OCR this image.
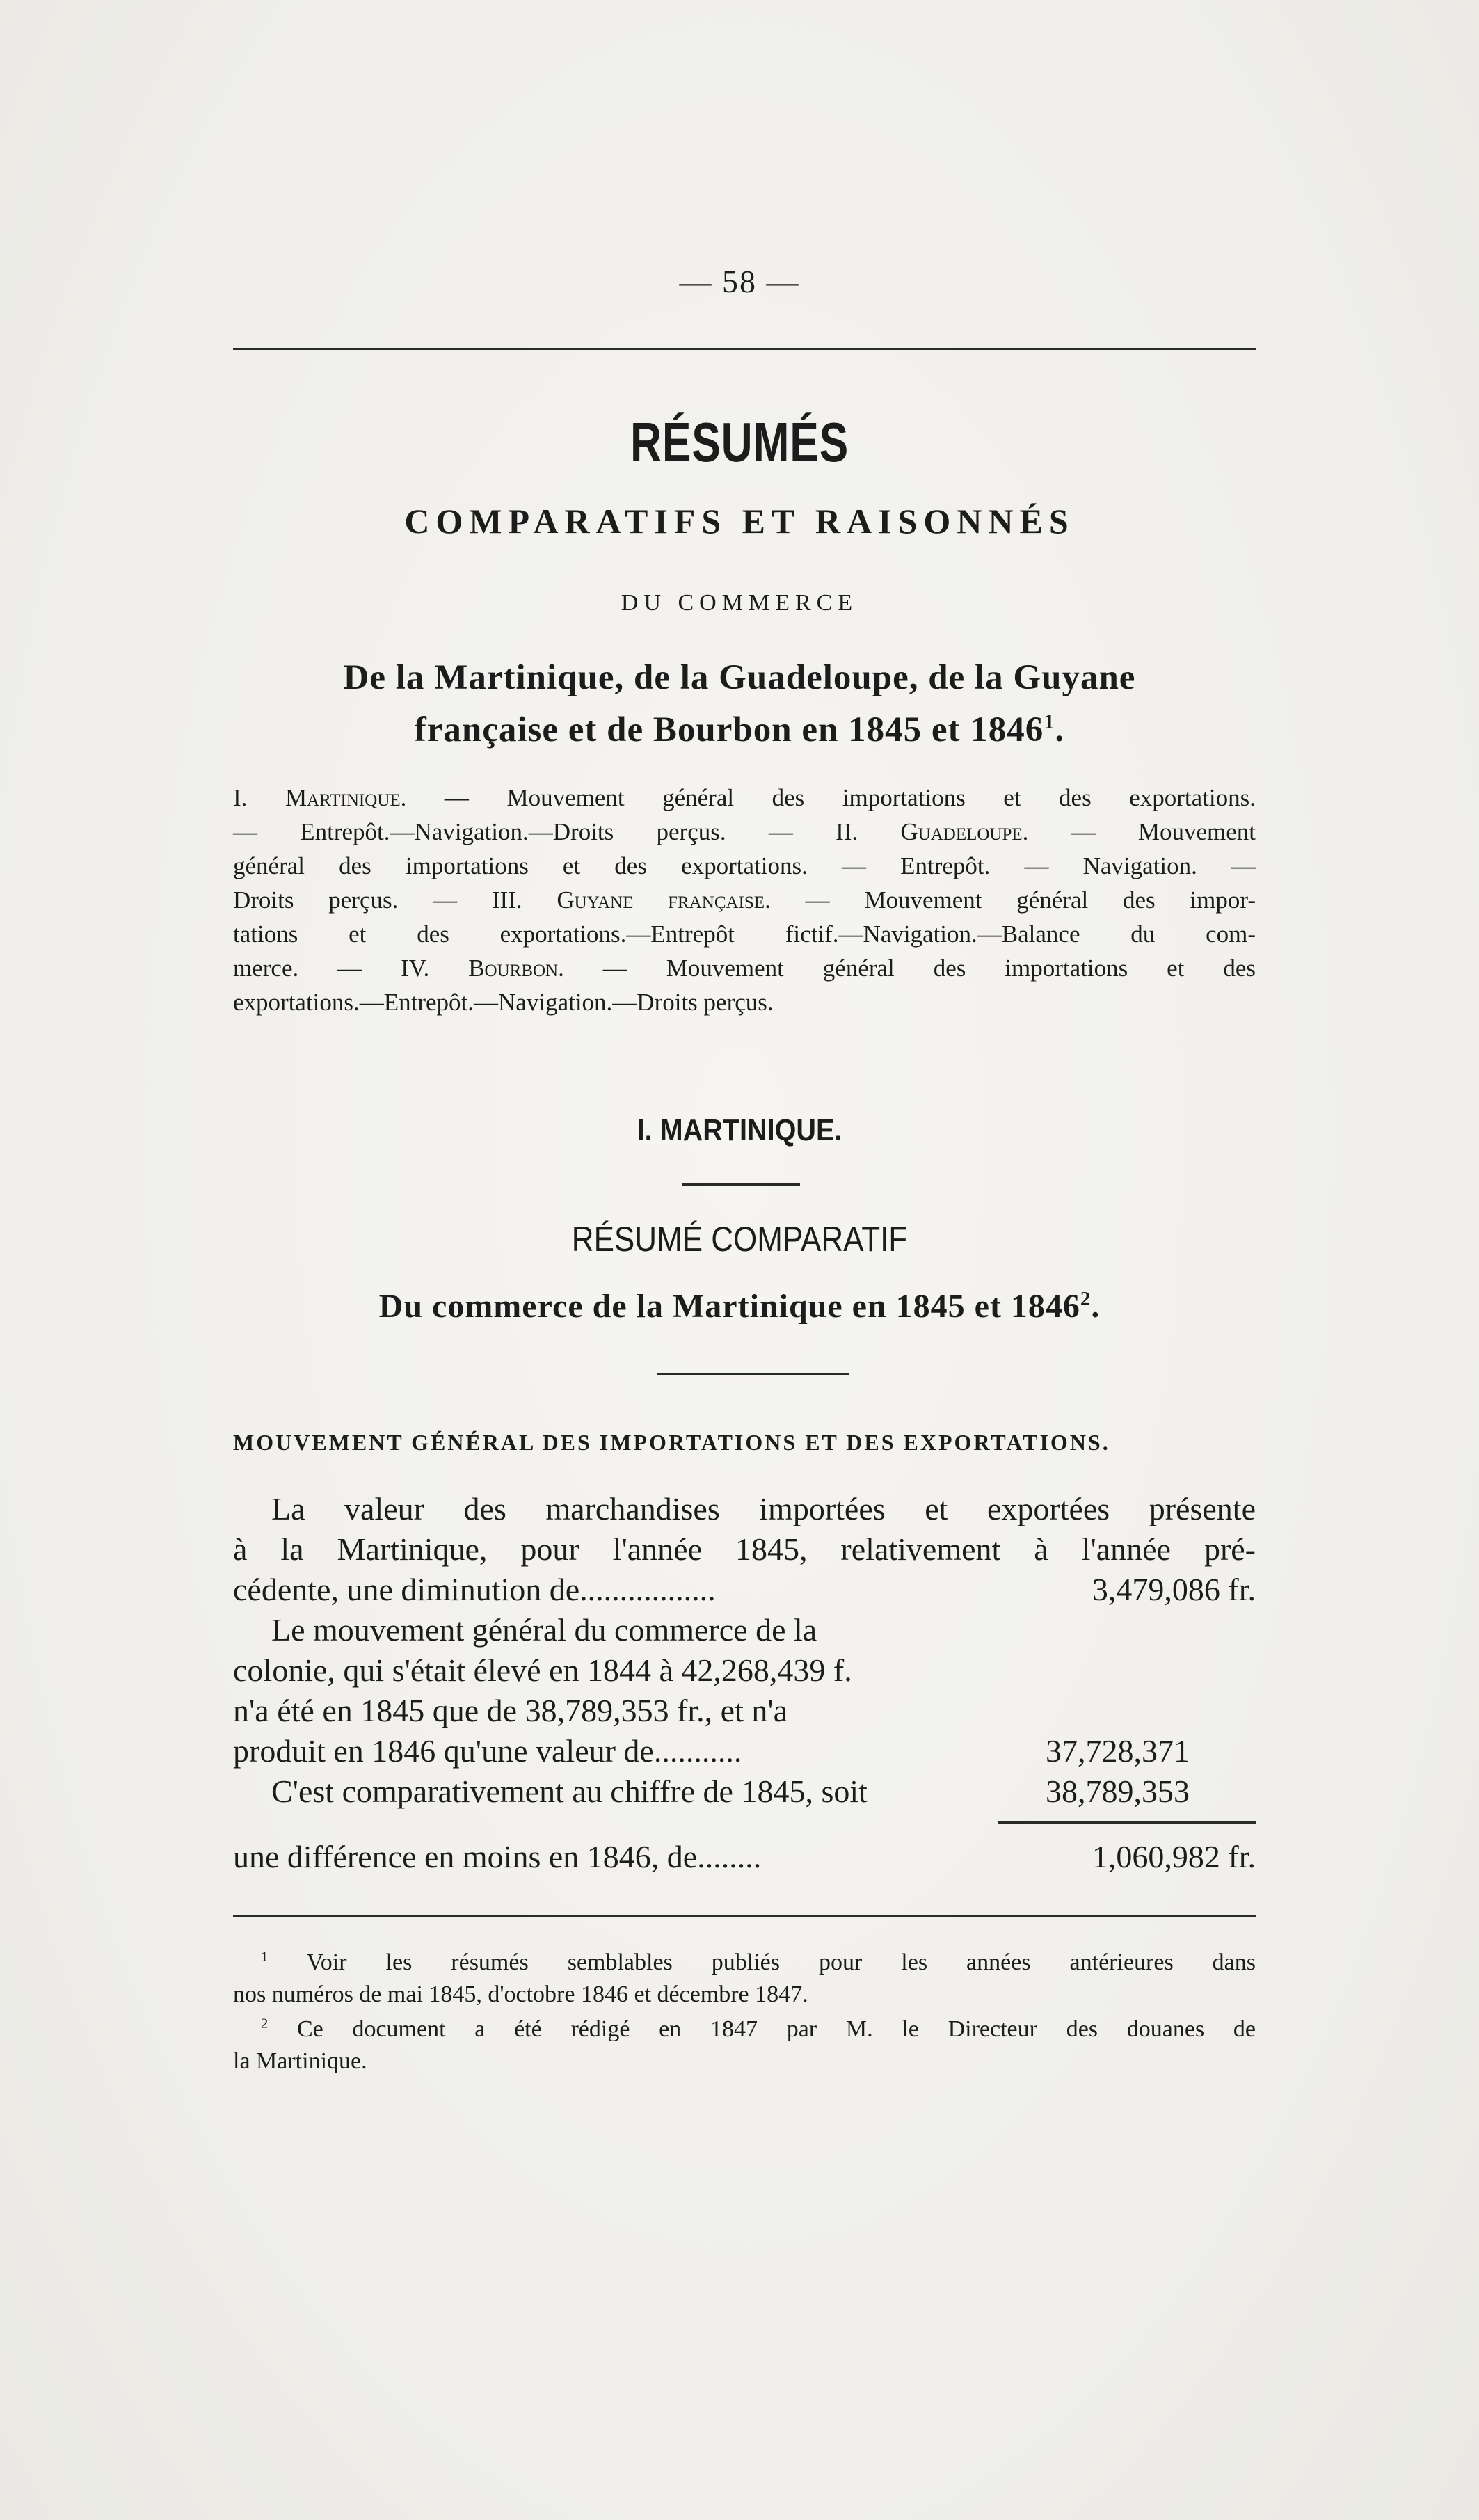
— 58 —
RÉSUMÉS
COMPARATIFS ET RAISONNÉS
DU COMMERCE
De la Martinique, de la Guadeloupe, de la Guyane
française et de Bourbon en 1845 et 1846$^1$.
I. Martinique. — Mouvement général des importations et des exportations.
— Entrepôt.—Navigation.—Droits perçus. — II. Guadeloupe. — Mouvement
général des importations et des exportations. — Entrepôt. — Navigation. —
Droits perçus. — III. Guyane française. — Mouvement général des impor-
tations et des exportations.—Entrepôt fictif.—Navigation.—Balance du com-
merce. — IV. Bourbon. — Mouvement général des importations et des
exportations.—Entrepôt.—Navigation.—Droits perçus.
I. MARTINIQUE.
RÉSUMÉ COMPARATIF
Du commerce de la Martinique en 1845 et 1846$^2$.
MOUVEMENT GÉNÉRAL DES IMPORTATIONS ET DES EXPORTATIONS.
La valeur des marchandises importées et exportées présente
à la Martinique, pour l'année 1845, relativement à l'année pré-
cédente, une diminution de.................	3,479,086 fr.
Le mouvement général du commerce de la
colonie, qui s'était élevé en 1844 à 42,268,439 f.
n'a été en 1845 que de 38,789,353 fr., et n'a
produit en 1846 qu'une valeur de...........	37,728,371
C'est comparativement au chiffre de 1845, soit	38,789,353
une différence en moins en 1846, de........	1,060,982 fr.
$^1$ Voir les résumés semblables publiés pour les années antérieures dans
nos numéros de mai 1845, d'octobre 1846 et décembre 1847.
$^2$ Ce document a été rédigé en 1847 par M. le Directeur des douanes de
la Martinique.
